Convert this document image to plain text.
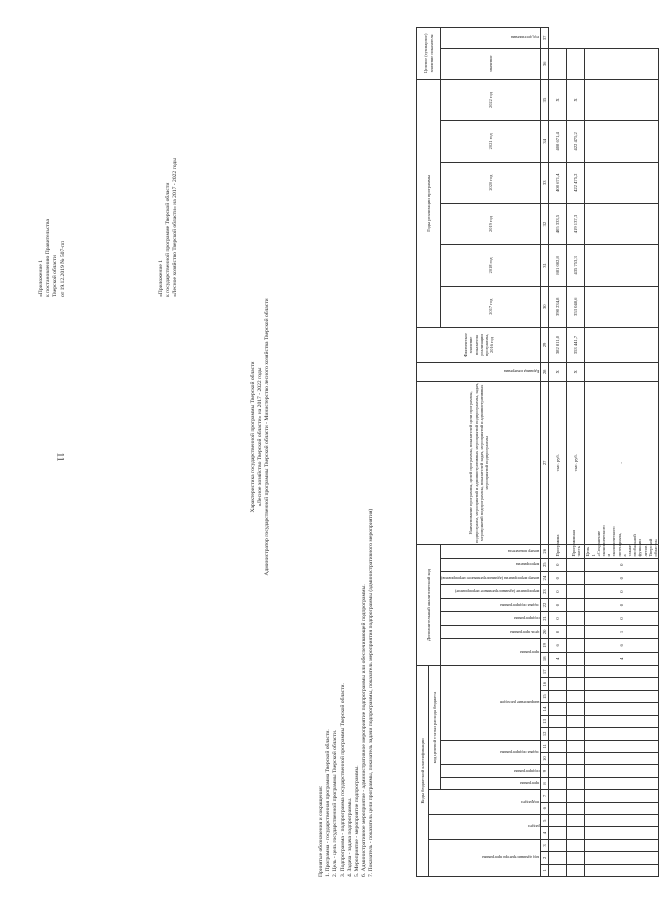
11
«Приложение 1 к постановлению Правительства Тверской области от 19.12.2019 № 507-пп	«Приложение 1 к государственной программе Тверской области «Лесное хозяйство Тверской области» на 2017 - 2022 годы
Характеристика государственной программы Тверской области «Лесное хозяйство Тверской области» на 2017 - 2022 годы Администратор государственной программы Тверской области - Министерство лесного хозяйства Тверской области
Принятые обозначения и сокращения: 1. Программа - государственная программа Тверской области. 2. Цель - цель государственной программы Тверской области. 3. Подпрограмма - подпрограмма государственной программы Тверской области. 4. Задача - задача подпрограммы. 5. Мероприятие - мероприятие подпрограммы. 6. Административное мероприятие - административное мероприятие подпрограммы или обеспечивающей подпрограммы. 7. Показатель - показатель цели программы, показатель задачи подпрограммы, показатель мероприятия подпрограммы (административного мероприятия)	Коды бюджетной классификации																	Дополнительный аналитический код									Наименование программы, целей программы, показателей цели программы, подпрограмм, мероприятий и административных мероприятий подпрограммы, задач, мероприятий подпрограммы, показателей задач, мероприятий и административных мероприятий подпрограммы	Единица измерения	Фактическое значение показателя реализации программы, 2016 год	Годы реализации программы						Целевое (суммарное) значение показателя	
код администратора программы			раздел		подраздел		код целевой статьи расхода бюджета																													
							программа	подпрограмма	задача подпрограммы		направление расходов						программа		цель программы	подпрограмма	задача подпрограммы	мероприятие (административное мероприятие)	номер мероприятия (административного мероприятия)	мероприятия	номер показателя				2017 год	2018 год	2019 год	2020 год	2021 год	2022 год	значение	год достижения
1	2	3	4	5	6	7	8	9	10	11	12	13	14	15	16	17	18	19	20	21	22	23	24	25	26	27	28	29	30	31	32	33	34	35	36	37
																	4	6	0	0	0	0	0	0	Программа	тыс. руб.	X	382 811,0	398 234,8	881 082,8	405 333,5	408 671,4	408 671,4	X		
																									Программная часть	тыс. руб.	X	353 441,7	353 048,6	435 753,3	419 137,3	422 475,2	422 475,2	X		
																	4	6	1	0	0	0	0	0	Цель 1 «Сохранение экономического и экологического потенциала, а также глобальной функции лесов Тверской области»	-										
